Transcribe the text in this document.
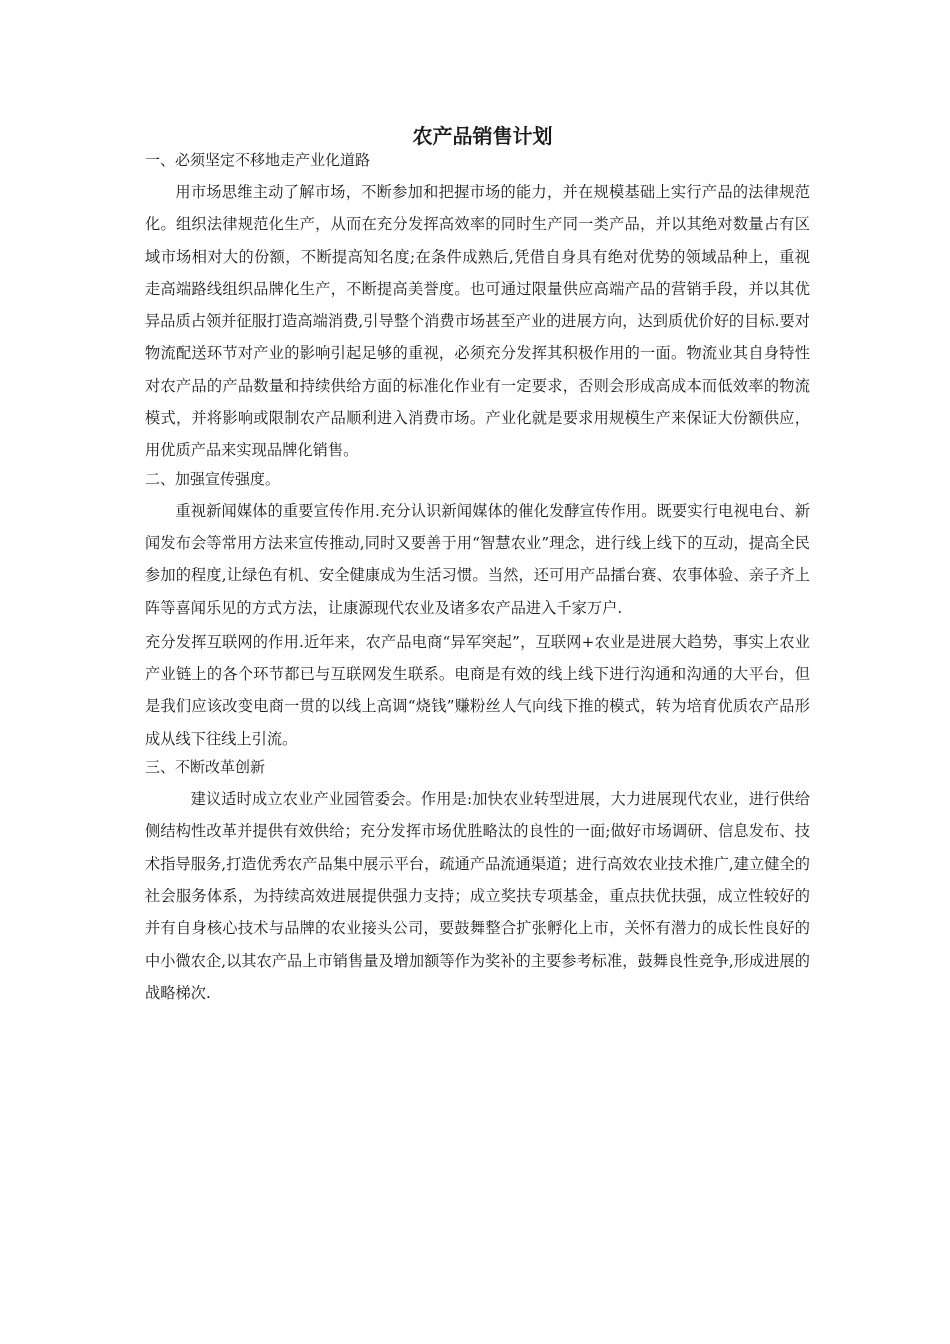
农产品销售计划

一、必须坚定不移地走产业化道路

用市场思维主动了解市场，不断参加和把握市场的能力，并在规模基础上实行产品的法律规范化。组织法律规范化生产，从而在充分发挥高效率的同时生产同一类产品，并以其绝对数量占有区域市场相对大的份额，不断提高知名度;在条件成熟后,凭借自身具有绝对优势的领域品种上，重视走高端路线组织品牌化生产，不断提高美誉度。也可通过限量供应高端产品的营销手段，并以其优异品质占领并征服打造高端消费,引导整个消费市场甚至产业的进展方向，达到质优价好的目标.要对物流配送环节对产业的影响引起足够的重视，必须充分发挥其积极作用的一面。物流业其自身特性对农产品的产品数量和持续供给方面的标准化作业有一定要求，否则会形成高成本而低效率的物流模式，并将影响或限制农产品顺利进入消费市场。产业化就是要求用规模生产来保证大份额供应，用优质产品来实现品牌化销售。

二、加强宣传强度。

重视新闻媒体的重要宣传作用.充分认识新闻媒体的催化发酵宣传作用。既要实行电视电台、新闻发布会等常用方法来宣传推动,同时又要善于用“智慧农业”理念，进行线上线下的互动，提高全民参加的程度,让绿色有机、安全健康成为生活习惯。当然，还可用产品擂台赛、农事体验、亲子齐上阵等喜闻乐见的方式方法，让康源现代农业及诸多农产品进入千家万户.

充分发挥互联网的作用.近年来，农产品电商“异军突起”，互联网+农业是进展大趋势，事实上农业产业链上的各个环节都已与互联网发生联系。电商是有效的线上线下进行沟通和沟通的大平台，但是我们应该改变电商一贯的以线上高调“烧钱”赚粉丝人气向线下推的模式，转为培育优质农产品形成从线下往线上引流。

三、不断改革创新

建议适时成立农业产业园管委会。作用是:加快农业转型进展，大力进展现代农业，进行供给侧结构性改革并提供有效供给；充分发挥市场优胜略汰的良性的一面;做好市场调研、信息发布、技术指导服务,打造优秀农产品集中展示平台，疏通产品流通渠道；进行高效农业技术推广,建立健全的社会服务体系，为持续高效进展提供强力支持；成立奖扶专项基金，重点扶优扶强，成立性较好的并有自身核心技术与品牌的农业接头公司，要鼓舞整合扩张孵化上市，关怀有潜力的成长性良好的中小微农企,以其农产品上市销售量及增加额等作为奖补的主要参考标准，鼓舞良性竞争,形成进展的战略梯次.
